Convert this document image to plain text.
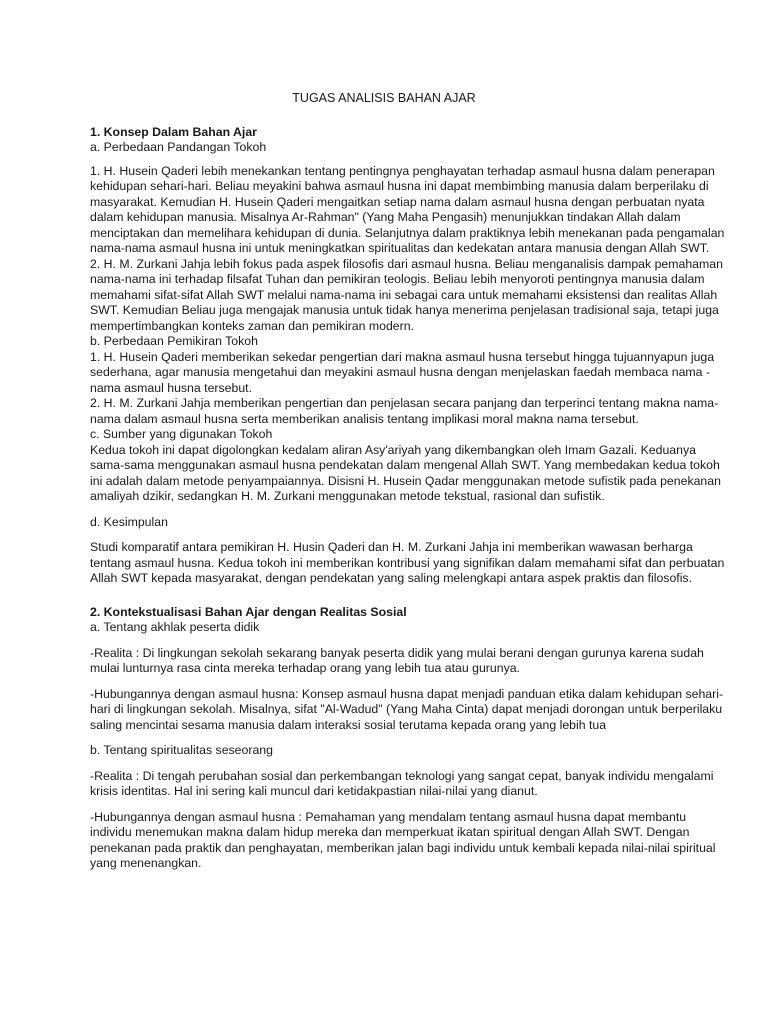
TUGAS ANALISIS BAHAN AJAR
1. Konsep Dalam Bahan Ajar
a. Perbedaan Pandangan Tokoh
1. H. Husein Qaderi lebih menekankan tentang pentingnya penghayatan terhadap asmaul husna dalam penerapan kehidupan sehari-hari. Beliau meyakini bahwa asmaul husna ini dapat membimbing manusia dalam berperilaku di masyarakat. Kemudian H. Husein Qaderi mengaitkan setiap nama dalam asmaul husna dengan perbuatan nyata dalam kehidupan manusia. Misalnya Ar-Rahman" (Yang Maha Pengasih) menunjukkan tindakan Allah dalam menciptakan dan memelihara kehidupan di dunia. Selanjutnya dalam praktiknya lebih menekanan pada pengamalan nama-nama asmaul husna ini untuk meningkatkan spiritualitas dan kedekatan antara manusia dengan Allah SWT.
2. H. M. Zurkani Jahja lebih fokus pada aspek filosofis dari asmaul husna. Beliau menganalisis dampak pemahaman nama-nama ini terhadap filsafat Tuhan dan pemikiran teologis. Beliau lebih menyoroti pentingnya manusia dalam memahami sifat-sifat Allah SWT melalui nama-nama ini sebagai cara untuk memahami eksistensi dan realitas Allah SWT. Kemudian Beliau juga mengajak manusia untuk tidak hanya menerima penjelasan tradisional saja, tetapi juga mempertimbangkan konteks zaman dan pemikiran modern.
b. Perbedaan Pemikiran Tokoh
1. H. Husein Qaderi memberikan sekedar pengertian dari makna asmaul husna tersebut hingga tujuannyapun juga sederhana, agar manusia mengetahui dan meyakini asmaul husna dengan menjelaskan faedah membaca nama -nama asmaul husna tersebut.
2. H. M. Zurkani Jahja memberikan pengertian dan penjelasan secara panjang dan terperinci tentang makna nama-nama dalam asmaul husna serta memberikan analisis tentang implikasi moral makna nama tersebut.
c. Sumber yang digunakan Tokoh
Kedua tokoh ini dapat digolongkan kedalam aliran Asy'ariyah yang dikembangkan oleh Imam Gazali. Keduanya sama-sama menggunakan asmaul husna pendekatan dalam mengenal Allah SWT. Yang membedakan kedua tokoh ini adalah dalam metode penyampaiannya. Disisni H. Husein Qadar menggunakan metode sufistik pada penekanan amaliyah dzikir, sedangkan H. M. Zurkani menggunakan metode tekstual, rasional dan sufistik.
d. Kesimpulan
Studi komparatif antara pemikiran H. Husin Qaderi dan H. M. Zurkani Jahja ini memberikan wawasan berharga tentang asmaul husna. Kedua tokoh ini memberikan kontribusi yang signifikan dalam memahami sifat dan perbuatan Allah SWT kepada masyarakat, dengan pendekatan yang saling melengkapi antara aspek praktis dan filosofis.
2. Kontekstualisasi Bahan Ajar dengan Realitas Sosial
a. Tentang akhlak peserta didik
-Realita : Di lingkungan sekolah sekarang banyak peserta didik yang mulai berani dengan gurunya karena sudah mulai lunturnya rasa cinta mereka terhadap orang yang lebih tua atau gurunya.
-Hubungannya dengan asmaul husna: Konsep asmaul husna dapat menjadi panduan etika dalam kehidupan sehari-hari di lingkungan sekolah. Misalnya, sifat "Al-Wadud" (Yang Maha Cinta) dapat menjadi dorongan untuk berperilaku saling mencintai sesama manusia dalam interaksi sosial terutama kepada orang yang lebih tua
b. Tentang spiritualitas seseorang
-Realita : Di tengah perubahan sosial dan perkembangan teknologi yang sangat cepat, banyak individu mengalami krisis identitas. Hal ini sering kali muncul dari ketidakpastian nilai-nilai yang dianut.
-Hubungannya dengan asmaul husna : Pemahaman yang mendalam tentang asmaul husna dapat membantu individu menemukan makna dalam hidup mereka dan memperkuat ikatan spiritual dengan Allah SWT. Dengan penekanan pada praktik dan penghayatan, memberikan jalan bagi individu untuk kembali kepada nilai-nilai spiritual yang menenangkan.
